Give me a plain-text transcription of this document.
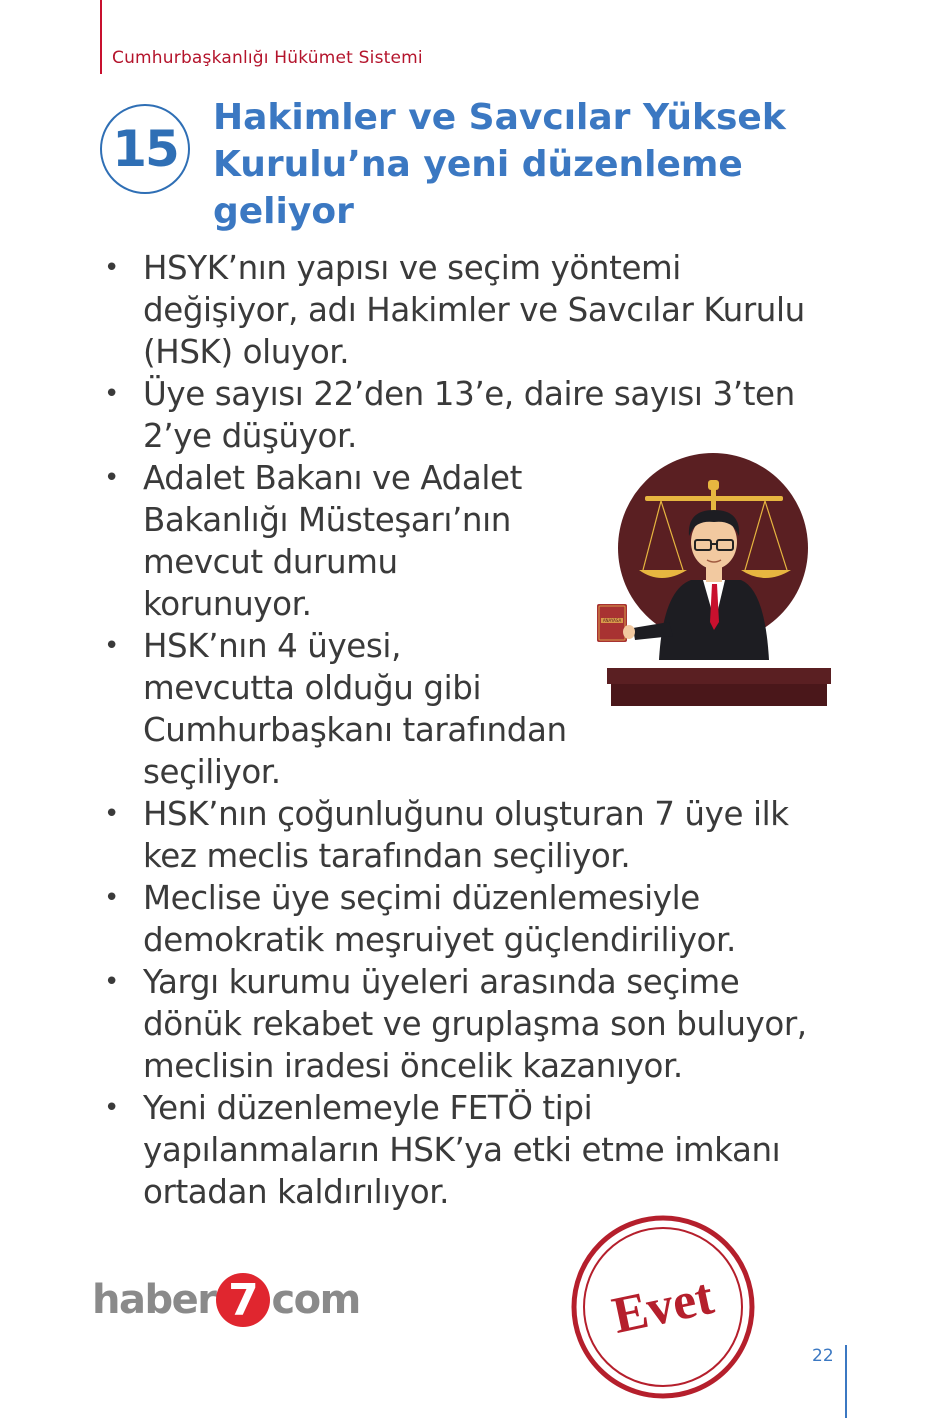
Cumhurbaşkanlığı Hükümet Sistemi
15
Hakimler ve Savcılar Yüksek
Kurulu’na yeni düzenleme
geliyor
• HSYK’nın yapısı ve seçim yöntemi
değişiyor, adı Hakimler ve Savcılar Kurulu
(HSK) oluyor.
• Üye sayısı 22’den 13’e, daire sayısı 3’ten
2’ye düşüyor.
• Adalet Bakanı ve Adalet
Bakanlığı Müsteşarı’nın
mevcut durumu
korunuyor.
• HSK’nın 4 üyesi,
mevcutta olduğu gibi
Cumhurbaşkanı tarafından
seçiliyor.
• HSK’nın çoğunluğunu oluşturan 7 üye ilk
kez meclis tarafından seçiliyor.
• Meclise üye seçimi düzenlemesiyle
demokratik meşruiyet güçlendiriliyor.
• Yargı kurumu üyeleri arasında seçime
dönük rekabet ve gruplaşma son buluyor,
meclisin iradesi öncelik kazanıyor.
• Yeni düzenlemeyle FETÖ tipi
yapılanmaların HSK’ya etki etme imkanı
ortadan kaldırılıyor.
ANAYASA
haber 7 com	Evet
22
